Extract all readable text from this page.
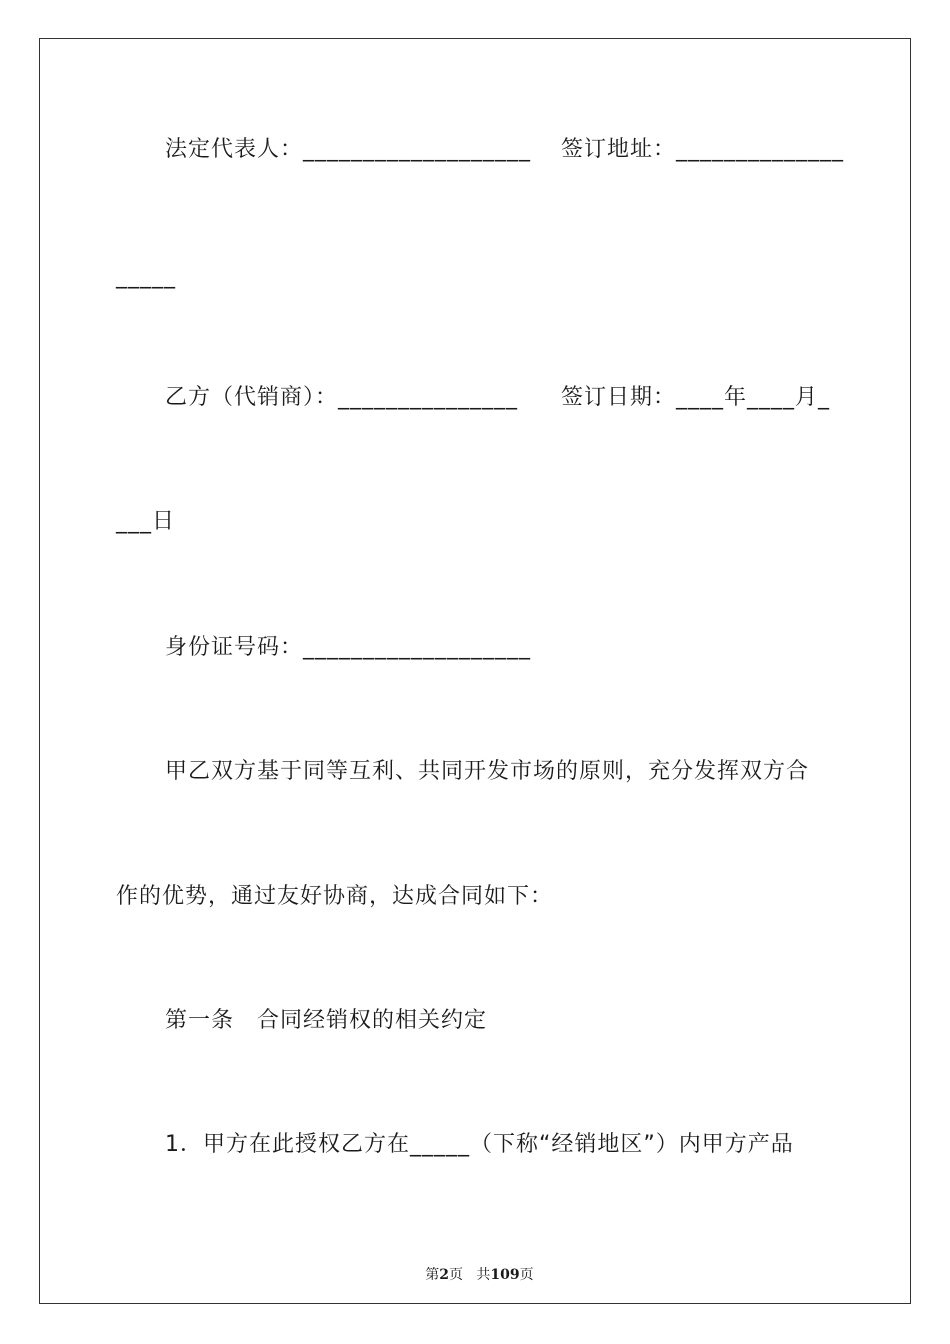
法定代表人：___________________ 签订地址：______________
_____
乙方（代销商）：_______________ 签订日期：____年____月_
___日
身份证号码：___________________
甲乙双方基于同等互利、共同开发市场的原则，充分发挥双方合
作的优势，通过友好协商，达成合同如下：
第一条　合同经销权的相关约定
1．甲方在此授权乙方在_____（下称“经销地区”）内甲方产品

第2页 共109页
